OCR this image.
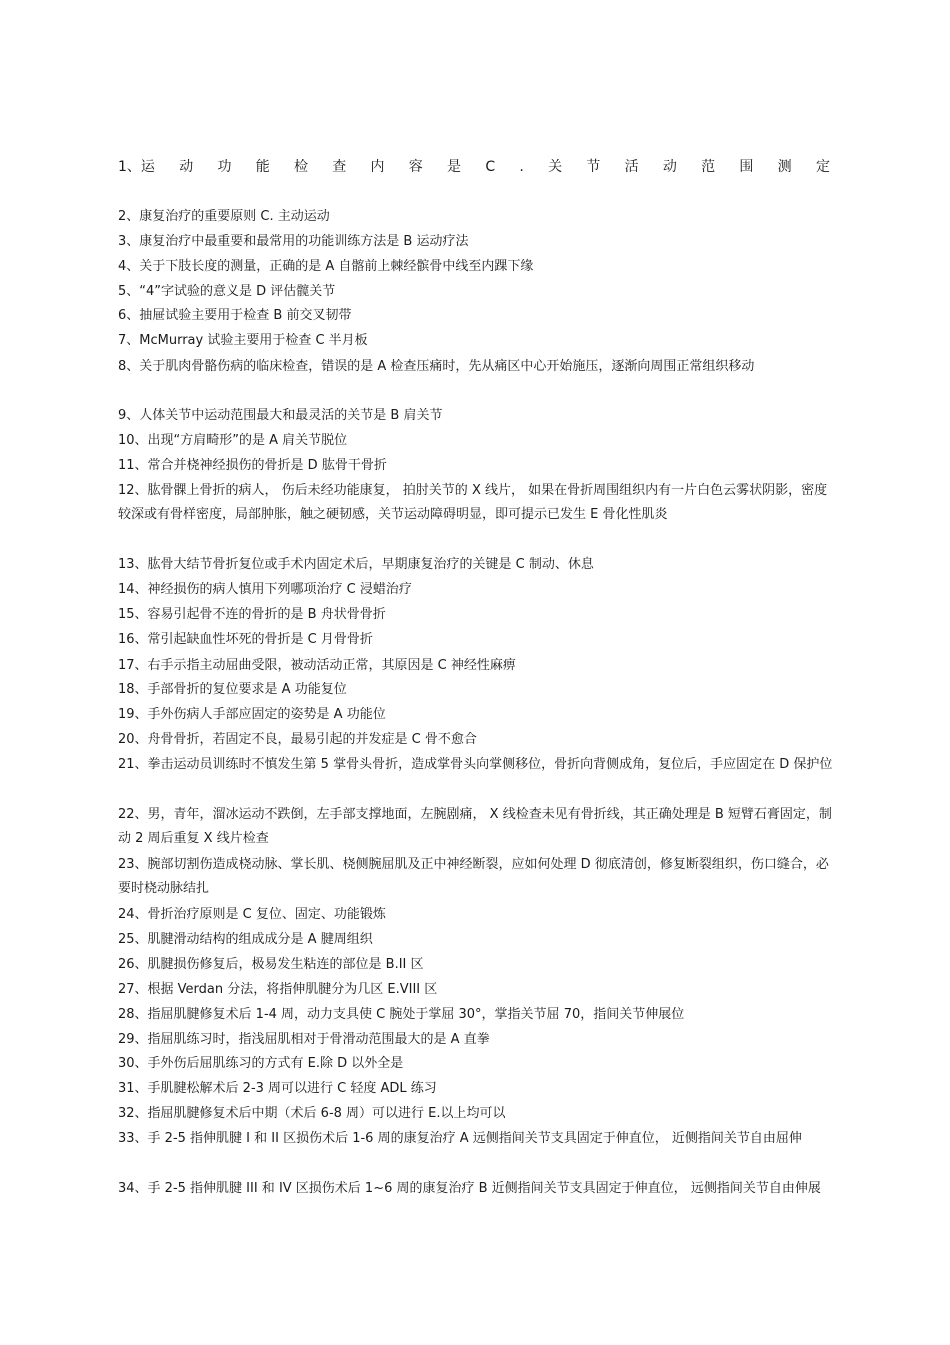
1、运 动 功 能 检 查 内 容 是 C . 关 节 活 动 范 围 测 定
2、康复治疗的重要原则 C. 主动运动
3、康复治疗中最重要和最常用的功能训练方法是 B 运动疗法
4、关于下肢长度的测量，正确的是 A 自髂前上棘经髌骨中线至内踝下缘
5、“4”字试验的意义是 D 评估髋关节
6、抽屉试验主要用于检查 B 前交叉韧带
7、McMurray 试验主要用于检查 C 半月板
8、关于肌肉骨骼伤病的临床检查，错误的是 A 检查压痛时，先从痛区中心开始施压，逐渐向周围正常组织移动
9、人体关节中运动范围最大和最灵活的关节是 B 肩关节
10、出现“方肩畸形”的是 A 肩关节脱位
11、常合并桡神经损伤的骨折是 D 肱骨干骨折
12、肱骨髁上骨折的病人， 伤后未经功能康复， 拍肘关节的 X 线片， 如果在骨折周围组织内有一片白色云雾状阴影，密度较深或有骨样密度，局部肿胀，触之硬韧感，关节运动障碍明显，即可提示已发生 E 骨化性肌炎
13、肱骨大结节骨折复位或手术内固定术后，早期康复治疗的关键是 C 制动、休息
14、神经损伤的病人慎用下列哪项治疗 C 浸蜡治疗
15、容易引起骨不连的骨折的是 B 舟状骨骨折
16、常引起缺血性坏死的骨折是 C 月骨骨折
17、右手示指主动屈曲受限，被动活动正常，其原因是 C 神经性麻痹
18、手部骨折的复位要求是 A 功能复位
19、手外伤病人手部应固定的姿势是 A 功能位
20、舟骨骨折，若固定不良，最易引起的并发症是 C 骨不愈合
21、拳击运动员训练时不慎发生第 5 掌骨头骨折，造成掌骨头向掌侧移位，骨折向背侧成角，复位后，手应固定在 D 保护位
22、男，青年，溜冰运动不跌倒，左手部支撑地面，左腕剧痛， X 线检查未见有骨折线，其正确处理是 B 短臂石膏固定，制动 2 周后重复 X 线片检查
23、腕部切割伤造成桡动脉、掌长肌、桡侧腕屈肌及正中神经断裂，应如何处理 D 彻底清创，修复断裂组织，伤口缝合，必要时桡动脉结扎
24、骨折治疗原则是 C 复位、固定、功能锻炼
25、肌腱滑动结构的组成成分是 A 腱周组织
26、肌腱损伤修复后，极易发生粘连的部位是 B.II 区
27、根据 Verdan 分法，将指伸肌腱分为几区 E.VIII 区
28、指屈肌腱修复术后 1-4 周，动力支具使 C 腕处于掌屈 30°，掌指关节屈 70，指间关节伸展位
29、指屈肌练习时，指浅屈肌相对于骨滑动范围最大的是 A 直拳
30、手外伤后屈肌练习的方式有 E.除 D 以外全是
31、手肌腱松解术后 2-3 周可以进行 C 轻度 ADL 练习
32、指屈肌腱修复术后中期（术后 6-8 周）可以进行 E.以上均可以
33、手 2-5 指伸肌腱 I 和 II 区损伤术后 1-6 周的康复治疗 A 远侧指间关节支具固定于伸直位， 近侧指间关节自由屈伸
34、手 2-5 指伸肌腱 III 和 IV 区损伤术后 1~6 周的康复治疗 B 近侧指间关节支具固定于伸直位， 远侧指间关节自由伸展
